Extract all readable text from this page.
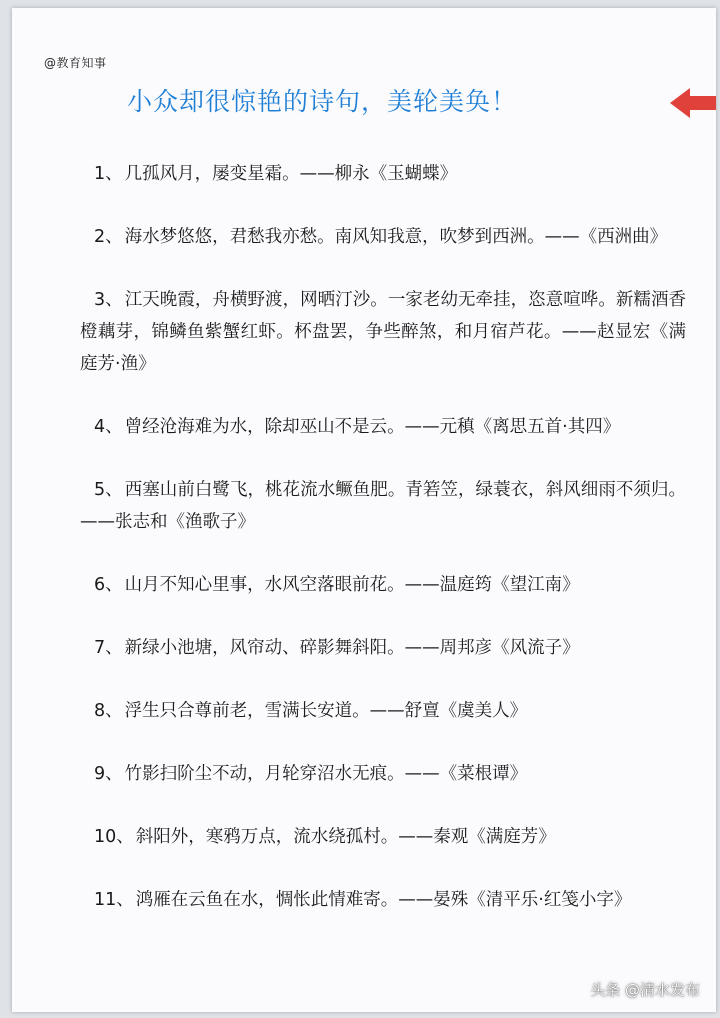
@教育知事
小众却很惊艳的诗句，美轮美奂！

1、 几孤风月，屡变星霜。——柳永《玉蝴蝶》

2、 海水梦悠悠，君愁我亦愁。南风知我意，吹梦到西洲。——《西洲曲》

3、 江天晚霞，舟横野渡，网晒汀沙。一家老幼无牵挂，恣意喧哗。新糯酒香橙藕芽，锦鳞鱼紫蟹红虾。杯盘罢，争些醉煞，和月宿芦花。——赵显宏《满庭芳·渔》

4、 曾经沧海难为水，除却巫山不是云。——元稹《离思五首·其四》

5、 西塞山前白鹭飞，桃花流水鳜鱼肥。青箬笠，绿蓑衣，斜风细雨不须归。——张志和《渔歌子》

6、 山月不知心里事，水风空落眼前花。——温庭筠《望江南》

7、 新绿小池塘，风帘动、碎影舞斜阳。——周邦彦《风流子》

8、 浮生只合尊前老，雪满长安道。——舒亶《虞美人》

9、 竹影扫阶尘不动，月轮穿沼水无痕。——《菜根谭》

10、 斜阳外，寒鸦万点，流水绕孤村。——秦观《满庭芳》

11、 鸿雁在云鱼在水，惆怅此情难寄。——晏殊《清平乐·红笺小字》

头条 @清水发布
